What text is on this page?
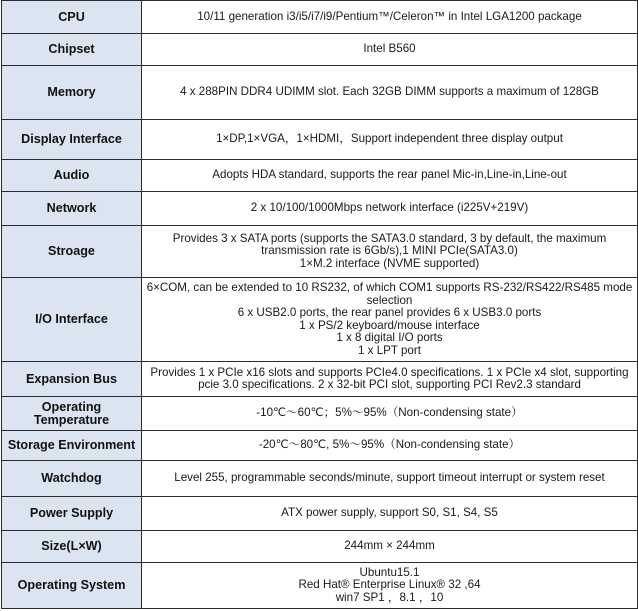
CPU	10/11 generation i3/i5/i7/i9/Pentium™/Celeron™ in Intel LGA1200 package

Chipset	Intel B560

Memory	4 x 288PIN DDR4 UDIMM slot. Each 32GB DIMM supports a maximum of 128GB

Display Interface	1×DP,1×VGA，1×HDMI，Support independent three display output

Audio	Adopts HDA standard, supports the rear panel Mic-in,Line-in,Line-out

Network	2 x 10/100/1000Mbps network interface (i225V+219V)

Stroage	Provides 3 x SATA ports (supports the SATA3.0 standard, 3 by default, the maximum transmission rate is 6Gb/s),1 MINI PCIe(SATA3.0)
1×M.2 interface (NVME supported)

I/O Interface	6×COM, can be extended to 10 RS232, of which COM1 supports RS-232/RS422/RS485 mode selection
6 x USB2.0 ports, the rear panel provides 6 x USB3.0 ports
1 x PS/2 keyboard/mouse interface
1 x 8 digital I/O ports
1 x LPT port

Expansion Bus	Provides 1 x PCIe x16 slots and supports PCIe4.0 specifications. 1 x PCIe x4 slot, supporting pcie 3.0 specifications. 2 x 32-bit PCI slot, supporting PCI Rev2.3 standard

Operating Temperature	-10℃～60℃；5%～95%（Non-condensing state）

Storage Environment	-20℃～80℃, 5%～95%（Non-condensing state）

Watchdog	Level 255, programmable seconds/minute, support timeout interrupt or system reset

Power Supply	ATX power supply, support S0, S1, S4, S5

Size(L×W)	244mm × 244mm

Operating System	Ubuntu15.1
Red Hat® Enterprise Linux® 32 ,64
win7 SP1 ，8.1 ，10
